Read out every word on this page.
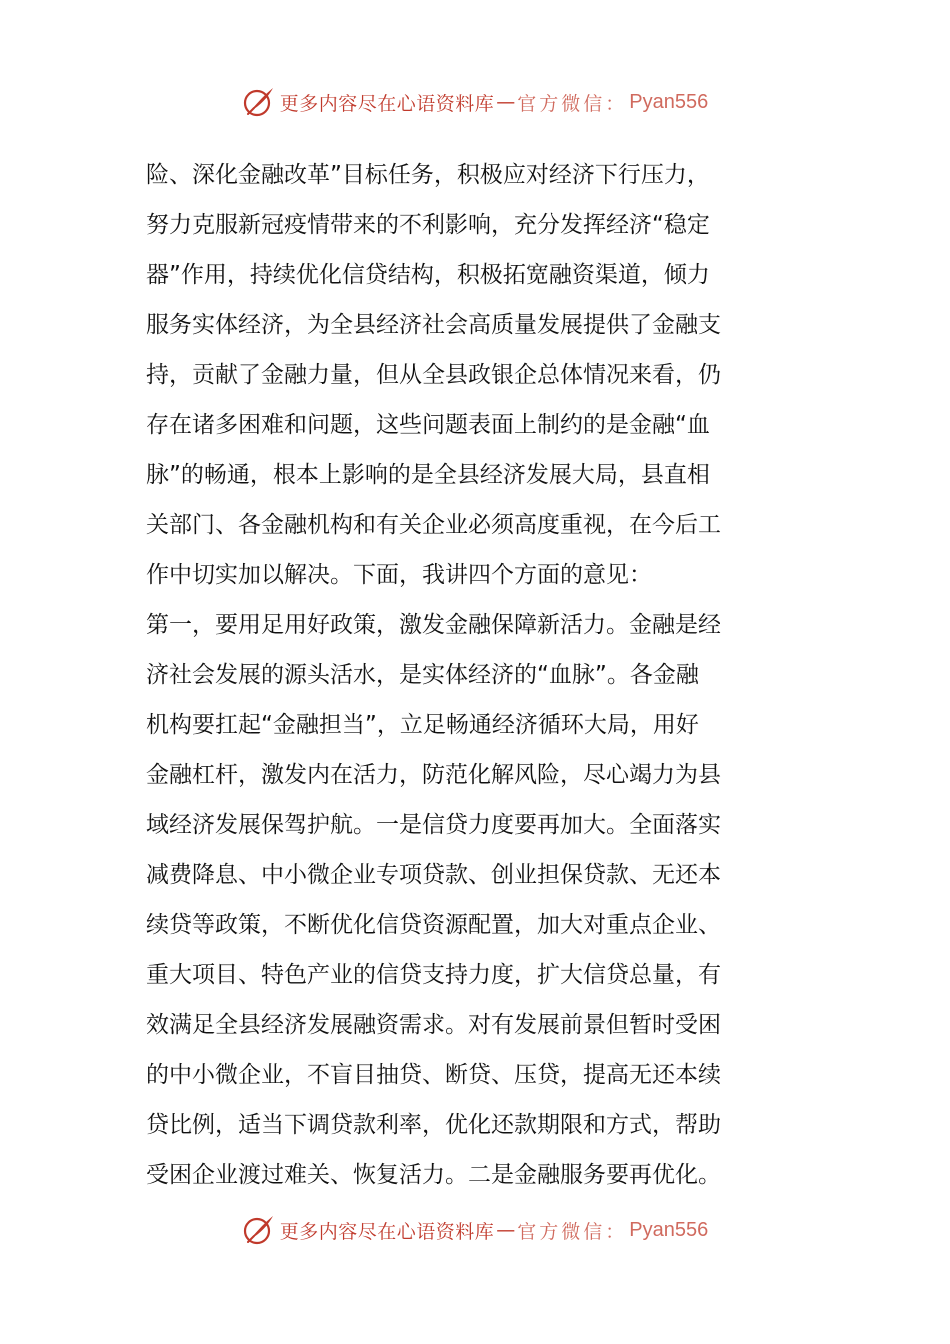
更多内容尽在心语资料库 — 官方微信： Pyan556
险、深化金融改革”目标任务，积极应对经济下行压力，
努力克服新冠疫情带来的不利影响，充分发挥经济“稳定
器”作用，持续优化信贷结构，积极拓宽融资渠道，倾力
服务实体经济，为全县经济社会高质量发展提供了金融支
持，贡献了金融力量，但从全县政银企总体情况来看，仍
存在诸多困难和问题，这些问题表面上制约的是金融“血
脉”的畅通，根本上影响的是全县经济发展大局，县直相
关部门、各金融机构和有关企业必须高度重视，在今后工
作中切实加以解决。下面，我讲四个方面的意见：
第一，要用足用好政策，激发金融保障新活力。金融是经
济社会发展的源头活水，是实体经济的“血脉”。各金融
机构要扛起“金融担当”，立足畅通经济循环大局，用好
金融杠杆，激发内在活力，防范化解风险，尽心竭力为县
域经济发展保驾护航。一是信贷力度要再加大。全面落实
减费降息、中小微企业专项贷款、创业担保贷款、无还本
续贷等政策，不断优化信贷资源配置，加大对重点企业、
重大项目、特色产业的信贷支持力度，扩大信贷总量，有
效满足全县经济发展融资需求。对有发展前景但暂时受困
的中小微企业，不盲目抽贷、断贷、压贷，提高无还本续
贷比例，适当下调贷款利率，优化还款期限和方式，帮助
受困企业渡过难关、恢复活力。二是金融服务要再优化。
更多内容尽在心语资料库 — 官方微信： Pyan556
